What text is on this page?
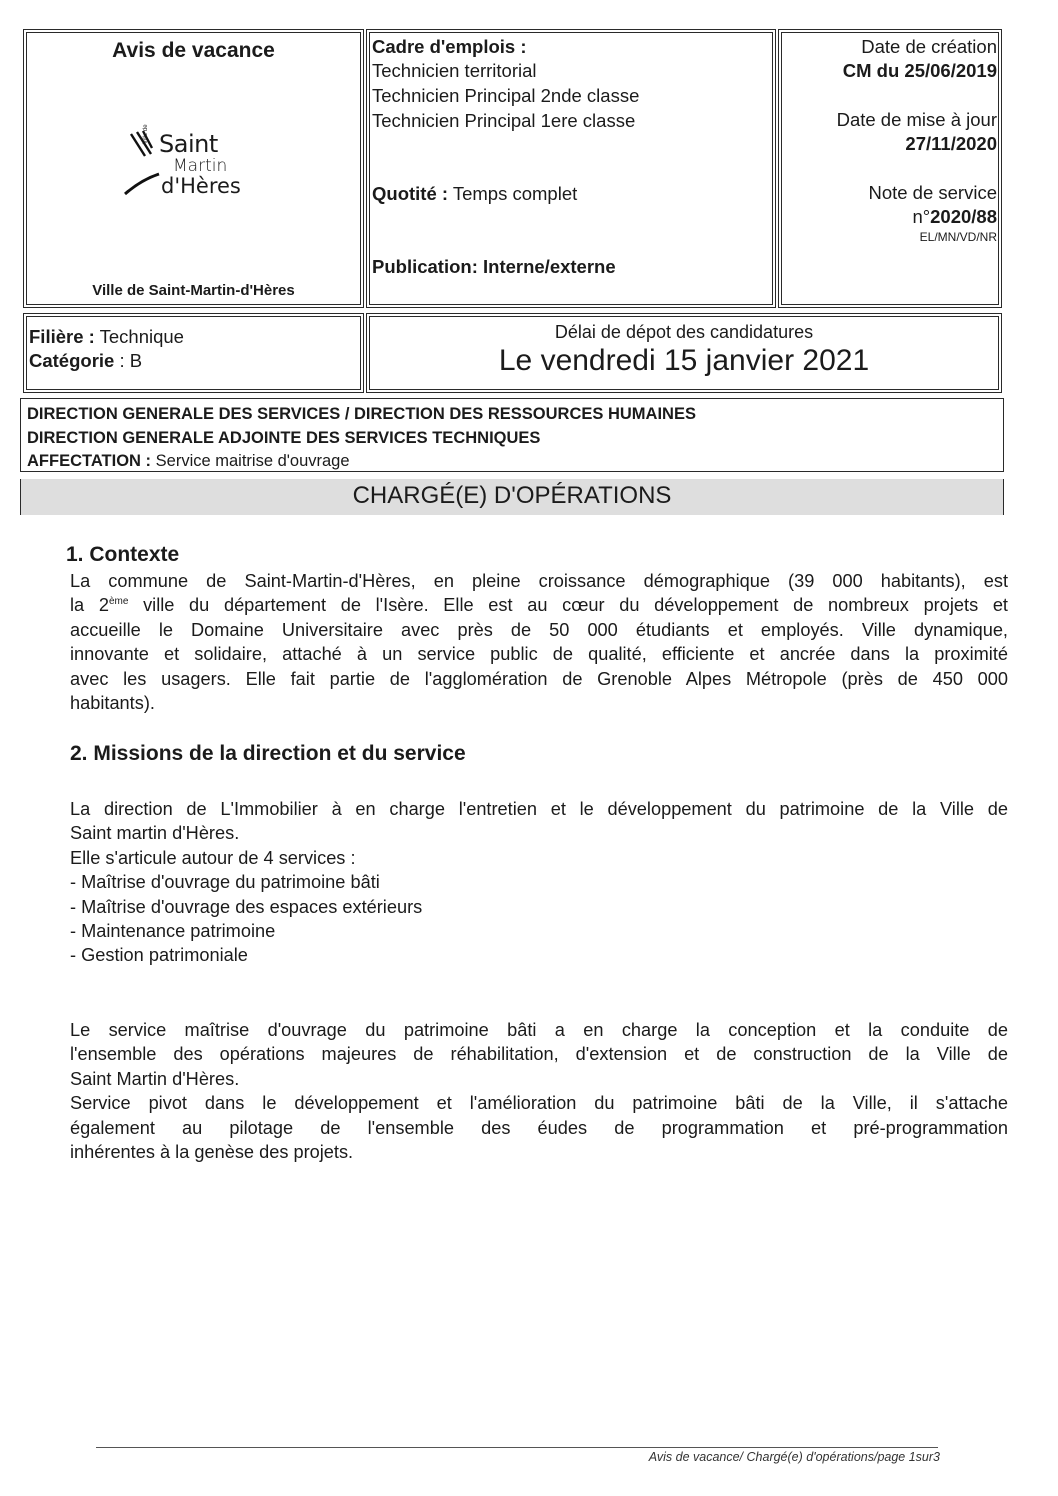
Avis de vacance
Ville de Saint
Martin
d'Hères
Ville de Saint-Martin-d'Hères
Cadre d'emplois :
Technicien territorial
Technicien Principal 2nde classe
Technicien Principal 1ere classe
Quotité : Temps complet
Publication: Interne/externe
Date de création
CM du 25/06/2019
Date de mise à jour
27/11/2020
Note de service
n°2020/88
EL/MN/VD/NR
Filière : Technique
Catégorie : B
Délai de dépot des candidatures
Le vendredi 15 janvier 2021
DIRECTION GENERALE DES SERVICES / DIRECTION DES RESSOURCES HUMAINES
DIRECTION GENERALE ADJOINTE DES SERVICES TECHNIQUES
AFFECTATION : Service maitrise d'ouvrage
CHARGÉ(E) D'OPÉRATIONS
1. Contexte
La commune de Saint-Martin-d'Hères, en pleine croissance démographique (39 000 habitants), est
la 2ème ville du département de l'Isère. Elle est au cœur du développement de nombreux projets et
accueille le Domaine Universitaire avec près de 50 000 étudiants et employés. Ville dynamique,
innovante et solidaire, attaché à un service public de qualité, efficiente et ancrée dans la proximité
avec les usagers. Elle fait partie de l'agglomération de Grenoble Alpes Métropole (près de 450 000
habitants).
2. Missions de la direction et du service
La direction de L'Immobilier à en charge l'entretien et le développement du patrimoine de la Ville de
Saint martin d'Hères.
Elle s'articule autour de 4 services :
- Maîtrise d'ouvrage du patrimoine bâti
- Maîtrise d'ouvrage des espaces extérieurs
- Maintenance patrimoine
- Gestion patrimoniale
Le service maîtrise d'ouvrage du patrimoine bâti a en charge la conception et la conduite de
l'ensemble des opérations majeures de réhabilitation, d'extension et de construction de la Ville de
Saint Martin d'Hères.
Service pivot dans le développement et l'amélioration du patrimoine bâti de la Ville, il s'attache
également au pilotage de l'ensemble des éudes de programmation et pré-programmation
inhérentes à la genèse des projets.
Avis de vacance/ Chargé(e) d'opérations/page 1sur3
